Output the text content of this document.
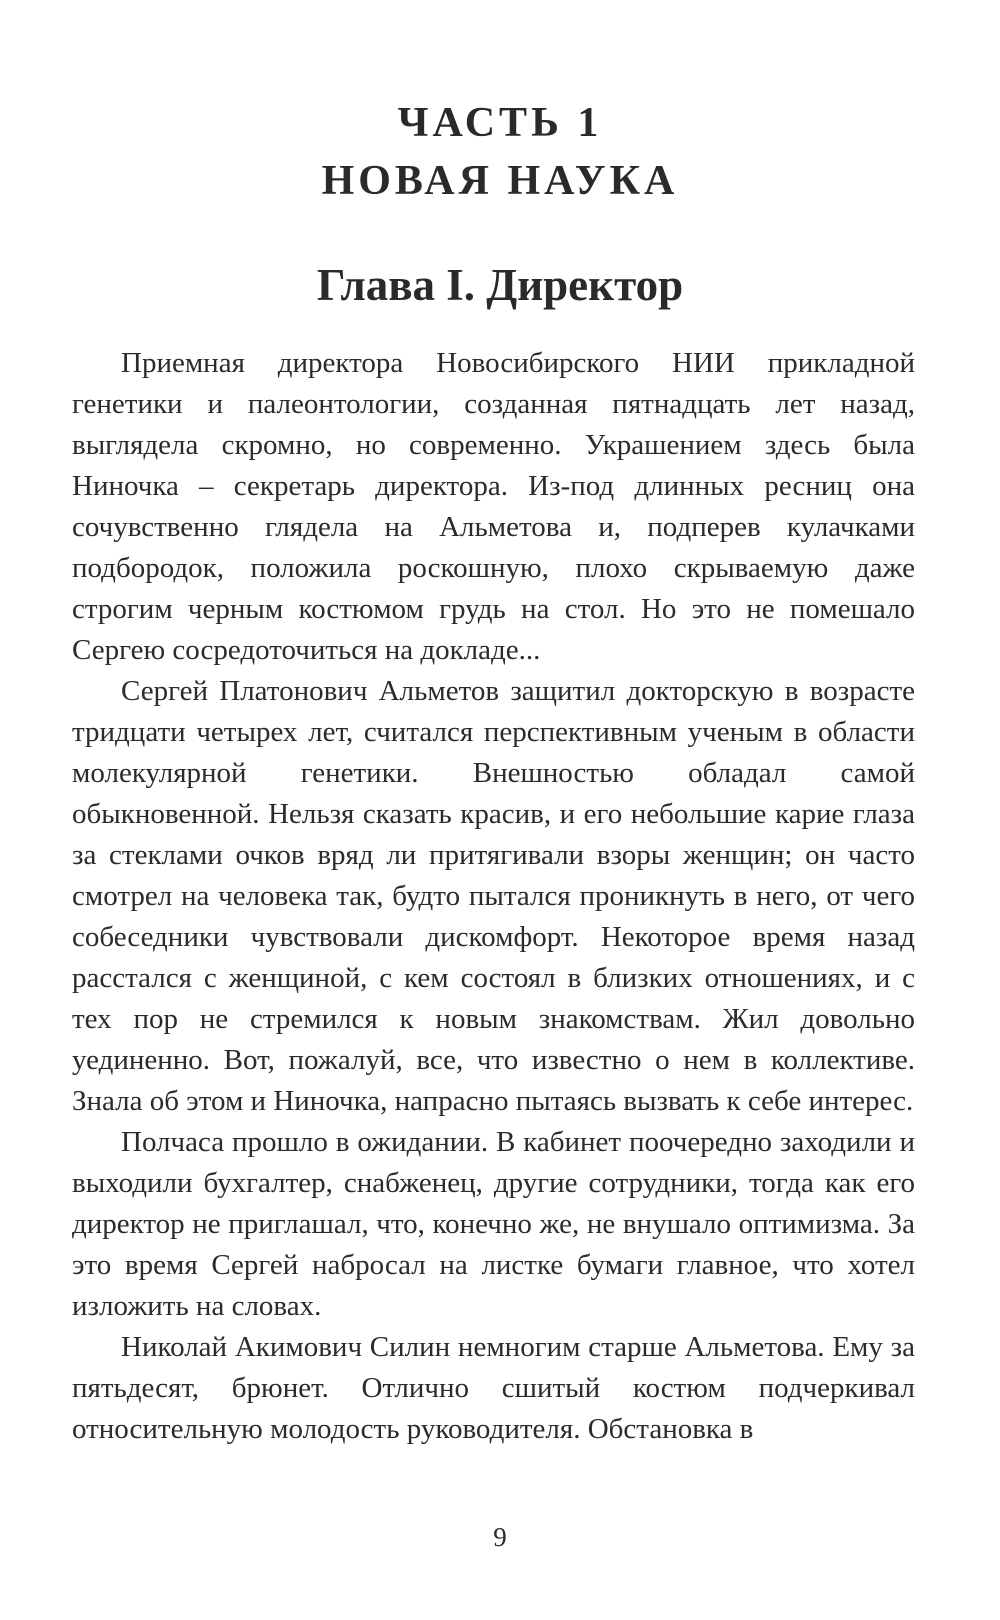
ЧАСТЬ 1
НОВАЯ НАУКА
Глава I. Директор

Приемная директора Новосибирского НИИ прикладной генетики и палеонтологии, созданная пятнадцать лет назад, выглядела скромно, но современно. Украшением здесь была Ниночка – секретарь директора. Из-под длинных ресниц она сочувственно глядела на Альметова и, подперев кулачками подбородок, положила роскошную, плохо скрываемую даже строгим черным костюмом грудь на стол. Но это не помешало Сергею сосредоточиться на докладе...

Сергей Платонович Альметов защитил докторскую в возрасте тридцати четырех лет, считался перспективным ученым в области молекулярной генетики. Внешностью обладал самой обыкновенной. Нельзя сказать красив, и его небольшие карие глаза за стеклами очков вряд ли притягивали взоры женщин; он часто смотрел на человека так, будто пытался проникнуть в него, от чего собеседники чувствовали дискомфорт. Некоторое время назад расстался с женщиной, с кем состоял в близких отношениях, и с тех пор не стремился к новым знакомствам. Жил довольно уединенно. Вот, пожалуй, все, что известно о нем в коллективе. Знала об этом и Ниночка, напрасно пытаясь вызвать к себе интерес.

Полчаса прошло в ожидании. В кабинет поочередно заходили и выходили бухгалтер, снабженец, другие сотрудники, тогда как его директор не приглашал, что, конечно же, не внушало оптимизма. За это время Сергей набросал на листке бумаги главное, что хотел изложить на словах.

Николай Акимович Силин немногим старше Альметова. Ему за пятьдесят, брюнет. Отлично сшитый костюм подчеркивал относительную молодость руководителя. Обстановка в

9
